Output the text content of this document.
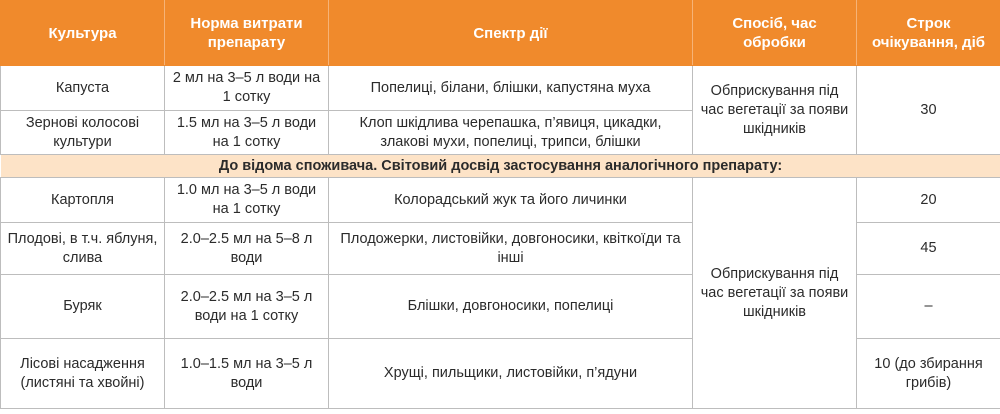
Культура	Норма витрати препарату	Спектр дії	Спосіб, час обробки	Строк очікування, діб
Капуста	2 мл на 3–5 л води на 1 сотку	Попелиці, білани, блішки, капустяна муха	Обприскування під час вегетації за появи шкідників	30
Зернові колосові культури	1.5 мл на 3–5 л води на 1 сотку	Клоп шкідлива черепашка, п’явиця, цикадки, злакові мухи, попелиці, трипси, блішки		
До відома споживача. Світовий досвід застосування аналогічного препарату:				
Картопля	1.0 мл на 3–5 л води на 1 сотку	Колорадський жук та його личинки	Обприскування під час вегетації за появи шкідників	20
Плодові, в т.ч. яблуня, слива	2.0–2.5 мл на 5–8 л води	Плодожерки, листовійки, довгоносики, квіткоїди та інші		45
Буряк	2.0–2.5 мл на 3–5 л води на 1 сотку	Блішки, довгоносики, попелиці		–
Лісові насадження (листяні та хвойні)	1.0–1.5 мл на 3–5 л води	Хрущі, пильщики, листовійки, п’ядуни		10 (до збирання грибів)
